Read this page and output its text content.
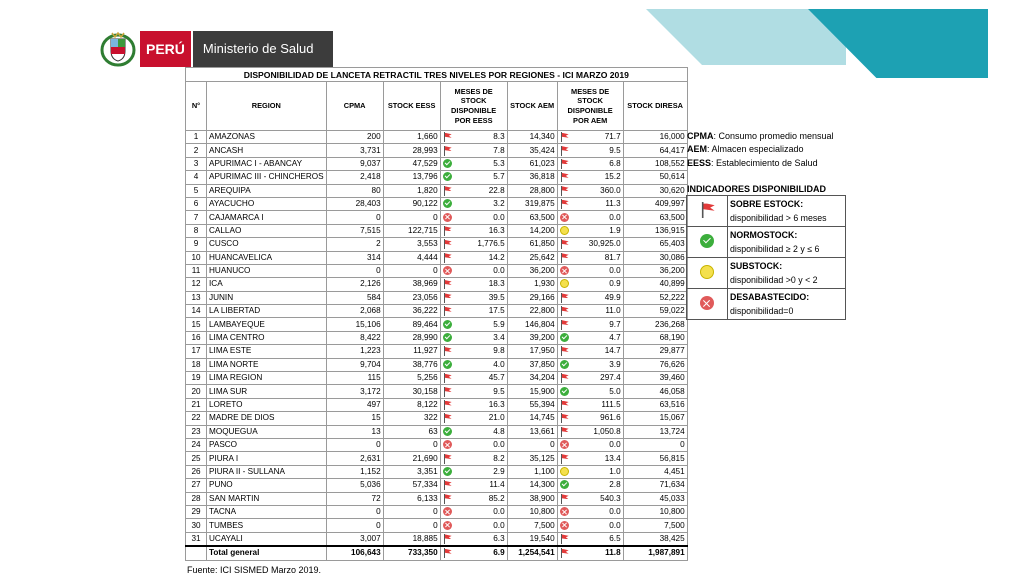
PERÚ	Ministerio de Salud
DISPONIBILIDAD DE LANCETA RETRACTIL TRES NIVELES POR REGIONES - ICI MARZO 2019							
N°	REGION	CPMA	STOCK EESS	MESES DE STOCK DISPONIBLE POR EESS	STOCK AEM	MESES DE STOCK DISPONIBLE POR AEM	STOCK DIRESA
1	AMAZONAS	200	1,660	8.3	14,340	71.7	16,000
2	ANCASH	3,731	28,993	7.8	35,424	9.5	64,417
3	APURIMAC I - ABANCAY	9,037	47,529	5.3	61,023	6.8	108,552
4	APURIMAC III - CHINCHEROS	2,418	13,796	5.7	36,818	15.2	50,614
5	AREQUIPA	80	1,820	22.8	28,800	360.0	30,620
6	AYACUCHO	28,403	90,122	3.2	319,875	11.3	409,997
7	CAJAMARCA I	0	0	0.0	63,500	0.0	63,500
8	CALLAO	7,515	122,715	16.3	14,200	1.9	136,915
9	CUSCO	2	3,553	1,776.5	61,850	30,925.0	65,403
10	HUANCAVELICA	314	4,444	14.2	25,642	81.7	30,086
11	HUANUCO	0	0	0.0	36,200	0.0	36,200
12	ICA	2,126	38,969	18.3	1,930	0.9	40,899
13	JUNIN	584	23,056	39.5	29,166	49.9	52,222
14	LA LIBERTAD	2,068	36,222	17.5	22,800	11.0	59,022
15	LAMBAYEQUE	15,106	89,464	5.9	146,804	9.7	236,268
16	LIMA CENTRO	8,422	28,990	3.4	39,200	4.7	68,190
17	LIMA ESTE	1,223	11,927	9.8	17,950	14.7	29,877
18	LIMA NORTE	9,704	38,776	4.0	37,850	3.9	76,626
19	LIMA REGION	115	5,256	45.7	34,204	297.4	39,460
20	LIMA SUR	3,172	30,158	9.5	15,900	5.0	46,058
21	LORETO	497	8,122	16.3	55,394	111.5	63,516
22	MADRE DE DIOS	15	322	21.0	14,745	961.6	15,067
23	MOQUEGUA	13	63	4.8	13,661	1,050.8	13,724
24	PASCO	0	0	0.0	0	0.0	0
25	PIURA I	2,631	21,690	8.2	35,125	13.4	56,815
26	PIURA II - SULLANA	1,152	3,351	2.9	1,100	1.0	4,451
27	PUNO	5,036	57,334	11.4	14,300	2.8	71,634
28	SAN MARTIN	72	6,133	85.2	38,900	540.3	45,033
29	TACNA	0	0	0.0	10,800	0.0	10,800
30	TUMBES	0	0	0.0	7,500	0.0	7,500
31	UCAYALI	3,007	18,885	6.3	19,540	6.5	38,425
	Total general	106,643	733,350	6.9	1,254,541	11.8	1,987,891
CPMA: Consumo promedio mensual
AEM: Almacen especializado
EESS: Establecimiento de Salud
INDICADORES DISPONIBILIDAD
	SOBRE ESTOCK:
disponibilidad > 6 meses
	NORMOSTOCK:
disponibilidad ≥ 2 y ≤ 6
	SUBSTOCK:
disponibilidad >0 y < 2
	DESABASTECIDO:
disponibilidad=0
Fuente: ICI SISMED Marzo 2019.
